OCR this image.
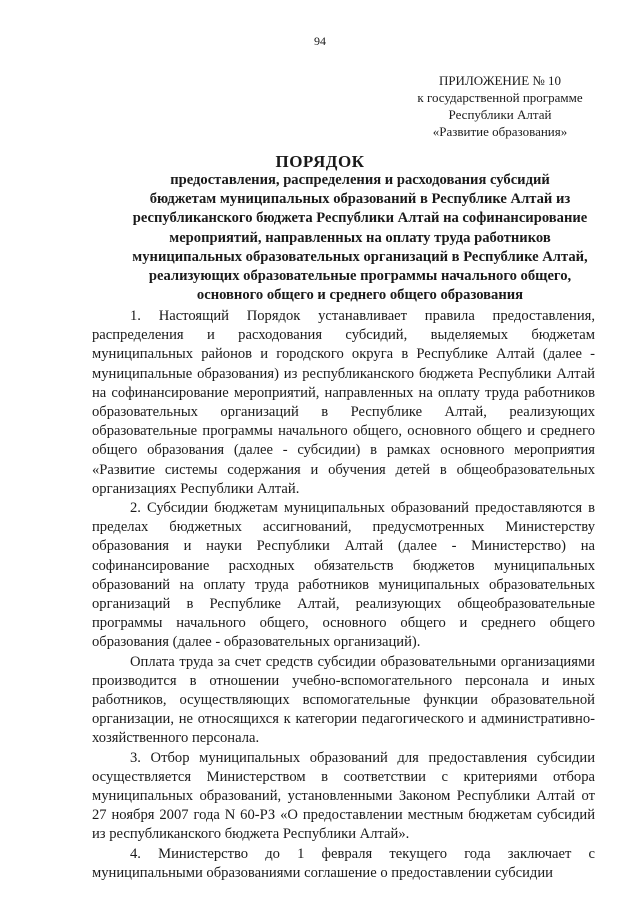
94
ПРИЛОЖЕНИЕ № 10
к государственной программе
Республики Алтай
«Развитие образования»
ПОРЯДОК
предоставления, распределения и расходования субсидий
бюджетам муниципальных образований в Республике Алтай из
республиканского бюджета Республики Алтай на софинансирование
мероприятий, направленных на оплату труда работников
муниципальных образовательных организаций в Республике Алтай,
реализующих образовательные программы начального общего,
основного общего и среднего общего образования

1. Настоящий Порядок устанавливает правила предоставления, распределения и расходования субсидий, выделяемых бюджетам муниципальных районов и городского округа в Республике Алтай (далее - муниципальные образования) из республиканского бюджета Республики Алтай на софинансирование мероприятий, направленных на оплату труда работников образовательных организаций в Республике Алтай, реализующих образовательные программы начального общего, основного общего и среднего общего образования (далее - субсидии) в рамках основного мероприятия «Развитие системы содержания и обучения детей в общеобразовательных организациях Республики Алтай.

2. Субсидии бюджетам муниципальных образований предоставляются в пределах бюджетных ассигнований, предусмотренных Министерству образования и науки Республики Алтай (далее - Министерство) на софинансирование расходных обязательств бюджетов муниципальных образований на оплату труда работников муниципальных образовательных организаций в Республике Алтай, реализующих общеобразовательные программы начального общего, основного общего и среднего общего образования (далее - образовательных организаций).

Оплата труда за счет средств субсидии образовательными организациями производится в отношении учебно-вспомогательного персонала и иных работников, осуществляющих вспомогательные функции образовательной организации, не относящихся к категории педагогического и административно-хозяйственного персонала.

3. Отбор муниципальных образований для предоставления субсидии осуществляется Министерством в соответствии с критериями отбора муниципальных образований, установленными Законом Республики Алтай от 27 ноября 2007 года N 60-РЗ «О предоставлении местным бюджетам субсидий из республиканского бюджета Республики Алтай».

4. Министерство до 1 февраля текущего года заключает с муниципальными образованиями соглашение о предоставлении субсидии
